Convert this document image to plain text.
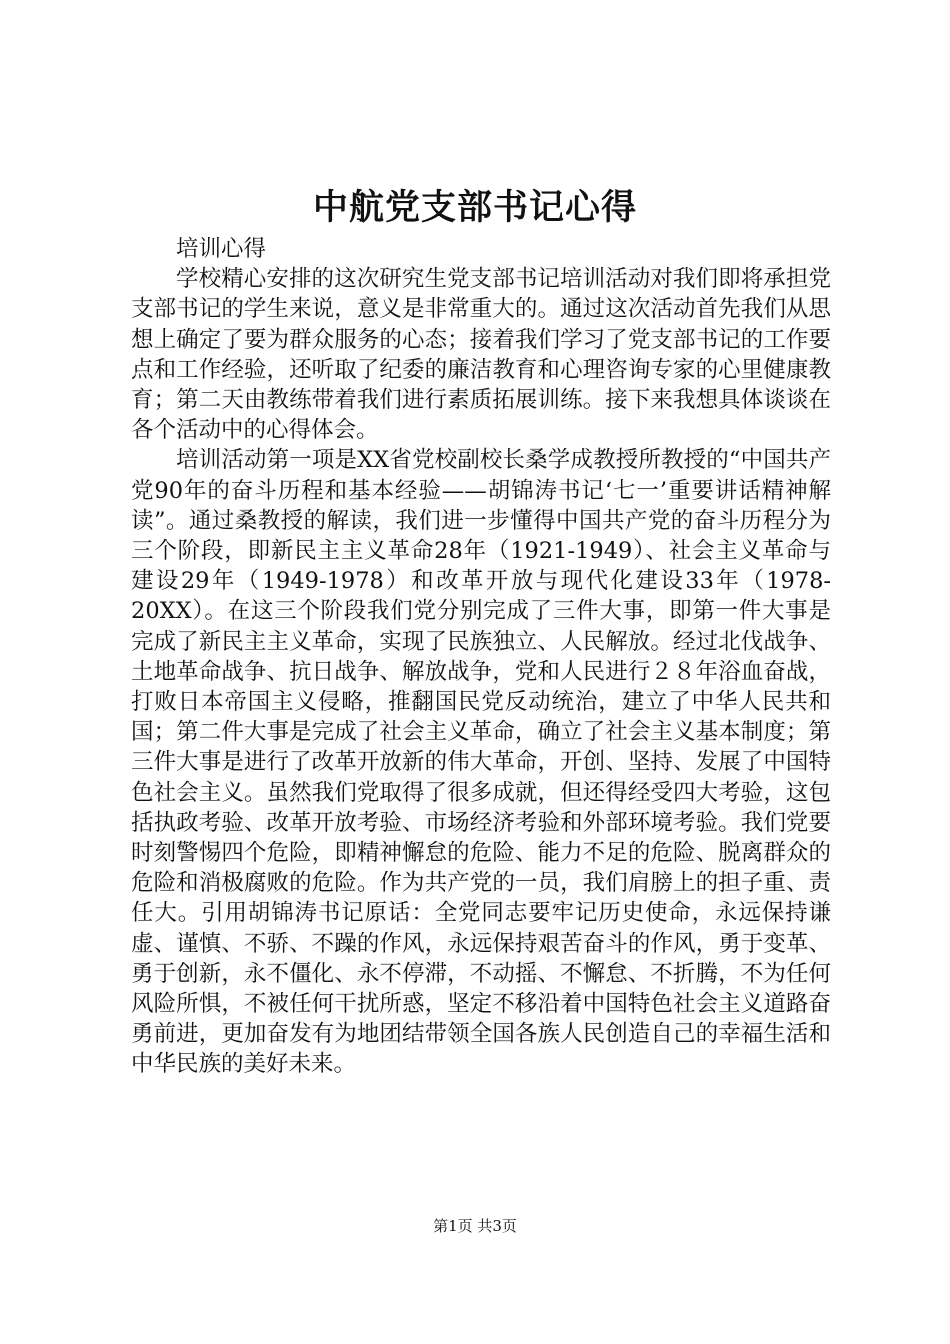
中航党支部书记心得

培训心得

学校精心安排的这次研究生党支部书记培训活动对我们即将承担党支部书记的学生来说，意义是非常重大的。通过这次活动首先我们从思想上确定了要为群众服务的心态；接着我们学习了党支部书记的工作要点和工作经验，还听取了纪委的廉洁教育和心理咨询专家的心里健康教育；第二天由教练带着我们进行素质拓展训练。接下来我想具体谈谈在各个活动中的心得体会。

培训活动第一项是XX省党校副校长桑学成教授所教授的“中国共产党90年的奋斗历程和基本经验——胡锦涛书记‘七一’重要讲话精神解读”。通过桑教授的解读，我们进一步懂得中国共产党的奋斗历程分为三个阶段，即新民主主义革命28年（1921-1949）、社会主义革命与建设29年（1949-1978）和改革开放与现代化建设33年（1978-20XX）。在这三个阶段我们党分别完成了三件大事，即第一件大事是完成了新民主主义革命，实现了民族独立、人民解放。经过北伐战争、土地革命战争、抗日战争、解放战争，党和人民进行２８年浴血奋战，打败日本帝国主义侵略，推翻国民党反动统治，建立了中华人民共和国；第二件大事是完成了社会主义革命，确立了社会主义基本制度；第三件大事是进行了改革开放新的伟大革命，开创、坚持、发展了中国特色社会主义。虽然我们党取得了很多成就，但还得经受四大考验，这包括执政考验、改革开放考验、市场经济考验和外部环境考验。我们党要时刻警惕四个危险，即精神懈怠的危险、能力不足的危险、脱离群众的危险和消极腐败的危险。作为共产党的一员，我们肩膀上的担子重、责任大。引用胡锦涛书记原话：全党同志要牢记历史使命，永远保持谦虚、谨慎、不骄、不躁的作风，永远保持艰苦奋斗的作风，勇于变革、勇于创新，永不僵化、永不停滞，不动摇、不懈怠、不折腾，不为任何风险所惧，不被任何干扰所惑，坚定不移沿着中国特色社会主义道路奋勇前进，更加奋发有为地团结带领全国各族人民创造自己的幸福生活和中华民族的美好未来。

第1页 共3页
